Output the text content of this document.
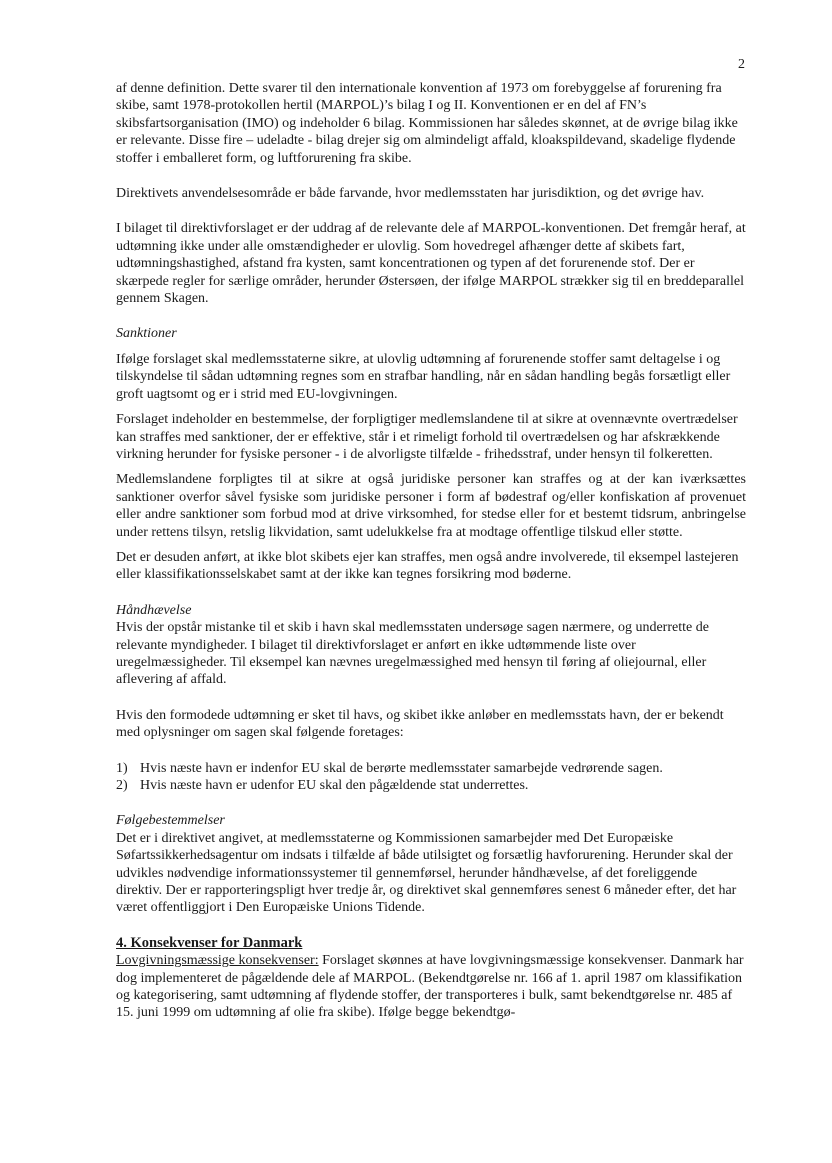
2

af denne definition. Dette svarer til den internationale konvention af 1973 om forebyggelse af forurening fra skibe, samt 1978-protokollen hertil (MARPOL)’s bilag I og II. Konventionen er en del af FN’s skibsfartsorganisation (IMO) og indeholder 6 bilag. Kommissionen har således skønnet, at de øvrige bilag ikke er relevante. Disse fire – udeladte - bilag drejer sig om almindeligt affald, kloakspildevand, skadelige flydende stoffer i emballeret form, og luftforurening fra skibe.

Direktivets anvendelsesområde er både farvande, hvor medlemsstaten har jurisdiktion, og det øvrige hav.

I bilaget til direktivforslaget er der uddrag af de relevante dele af MARPOL-konventionen. Det fremgår heraf, at udtømning ikke under alle omstændigheder er ulovlig. Som hovedregel afhænger dette af skibets fart, udtømningshastighed, afstand fra kysten, samt koncentrationen og typen af det forurenende stof. Der er skærpede regler for særlige områder, herunder Østersøen, der ifølge MARPOL strækker sig til en breddeparallel gennem Skagen.

Sanktioner

Ifølge forslaget skal medlemsstaterne sikre, at ulovlig udtømning af forurenende stoffer samt deltagelse i og tilskyndelse til sådan udtømning regnes som en strafbar handling, når en sådan handling begås forsætligt eller groft uagtsomt og er i strid med EU-lovgivningen.

Forslaget indeholder en bestemmelse, der forpligtiger medlemslandene til at sikre at ovennævnte overtrædelser kan straffes med sanktioner, der er effektive, står i et rimeligt forhold til overtrædelsen og har afskrækkende virkning herunder for fysiske personer - i de alvorligste tilfælde - frihedsstraf, under hensyn til folkeretten.

Medlemslandene forpligtes til at sikre at også juridiske personer kan straffes og at der kan iværksættes sanktioner overfor såvel fysiske som juridiske personer i form af bødestraf og/eller konfiskation af provenuet eller andre sanktioner som forbud mod at drive virksomhed, for stedse eller for et bestemt tidsrum, anbringelse under rettens tilsyn, retslig likvidation, samt udelukkelse fra at modtage offentlige tilskud eller støtte.

Det er desuden anført, at ikke blot skibets ejer kan straffes, men også andre involverede, til eksempel lastejeren eller klassifikationsselskabet samt at der ikke kan tegnes forsikring mod bøderne.

Håndhævelse

Hvis der opstår mistanke til et skib i havn skal medlemsstaten undersøge sagen nærmere, og underrette de relevante myndigheder. I bilaget til direktivforslaget er anført en ikke udtømmende liste over uregelmæssigheder. Til eksempel kan nævnes uregelmæssighed med hensyn til føring af oliejournal, eller aflevering af affald.

Hvis den formodede udtømning er sket til havs, og skibet ikke anløber en medlemsstats havn, der er bekendt med oplysninger om sagen skal følgende foretages:

1) Hvis næste havn er indenfor EU skal de berørte medlemsstater samarbejde vedrørende sagen.
2) Hvis næste havn er udenfor EU skal den pågældende stat underrettes.
Følgebestemmelser

Det er i direktivet angivet, at medlemsstaterne og Kommissionen samarbejder med Det Europæiske Søfartssikkerhedsagentur om indsats i tilfælde af både utilsigtet og forsætlig havforurening. Herunder skal der udvikles nødvendige informationssystemer til gennemførsel, herunder håndhævelse, af det foreliggende direktiv. Der er rapporteringspligt hver tredje år, og direktivet skal gennemføres senest 6 måneder efter, det har været offentliggjort i Den Europæiske Unions Tidende.

4. Konsekvenser for Danmark

Lovgivningsmæssige konsekvenser: Forslaget skønnes at have lovgivningsmæssige konsekvenser. Danmark har dog implementeret de pågældende dele af MARPOL. (Bekendtgørelse nr. 166 af 1. april 1987 om klassifikation og kategorisering, samt udtømning af flydende stoffer, der transporteres i bulk, samt bekendtgørelse nr. 485 af 15. juni 1999 om udtømning af olie fra skibe). Ifølge begge bekendtgø-
